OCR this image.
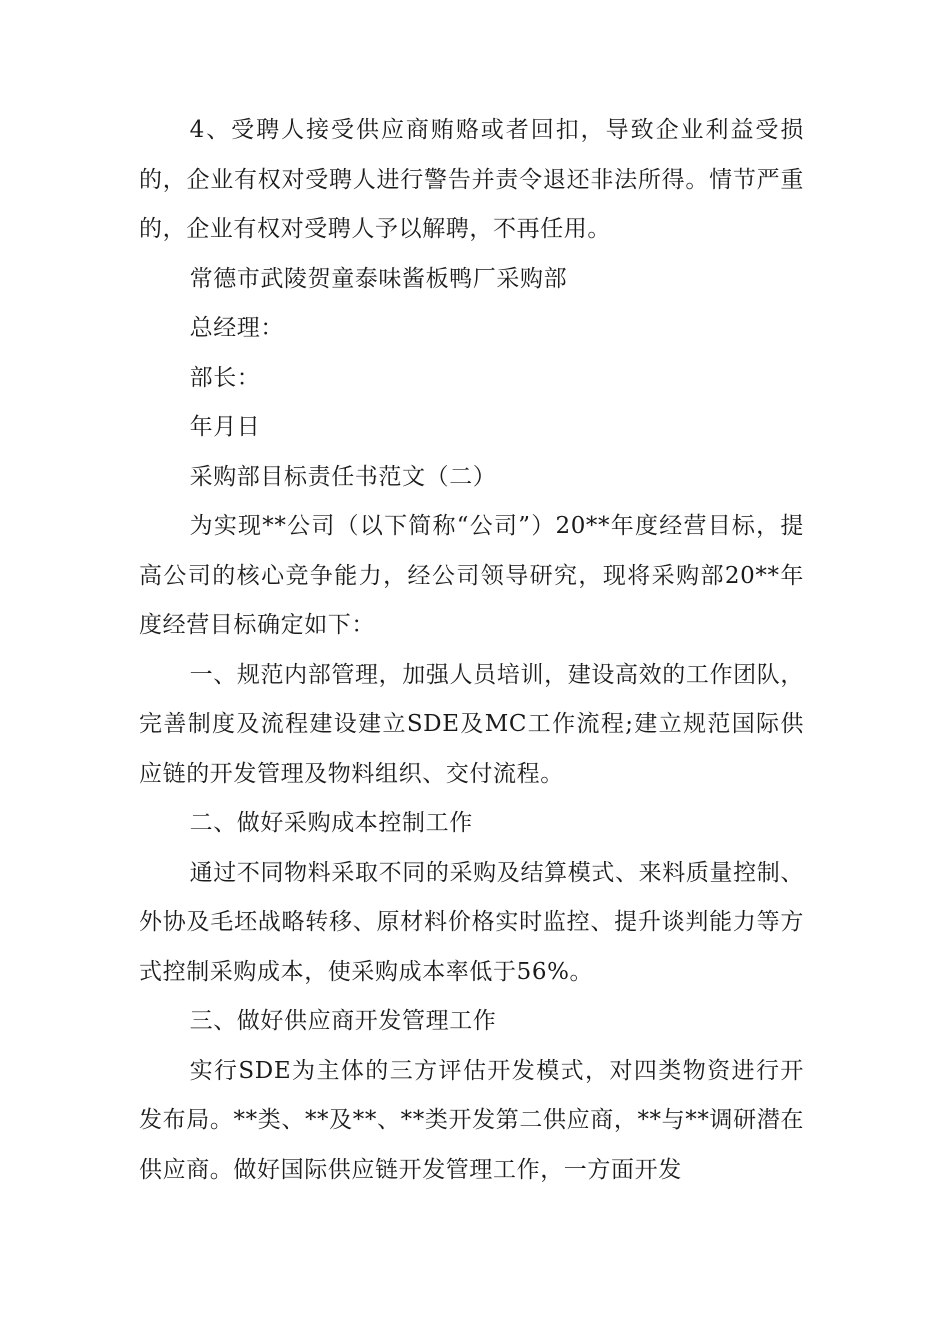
4、受聘人接受供应商贿赂或者回扣，导致企业利益受损的，企业有权对受聘人进行警告并责令退还非法所得。情节严重的，企业有权对受聘人予以解聘，不再任用。

常德市武陵贺童泰味酱板鸭厂采购部

总经理：

部长：

年月日

采购部目标责任书范文（二）

为实现**公司（以下简称“公司”）20**年度经营目标，提高公司的核心竞争能力，经公司领导研究，现将采购部20**年度经营目标确定如下：

一、规范内部管理，加强人员培训，建设高效的工作团队，完善制度及流程建设建立SDE及MC工作流程;建立规范国际供应链的开发管理及物料组织、交付流程。

二、做好采购成本控制工作

通过不同物料采取不同的采购及结算模式、来料质量控制、外协及毛坯战略转移、原材料价格实时监控、提升谈判能力等方式控制采购成本，使采购成本率低于56%。

三、做好供应商开发管理工作

实行SDE为主体的三方评估开发模式，对四类物资进行开发布局。**类、**及**、**类开发第二供应商，**与**调研潜在供应商。做好国际供应链开发管理工作，一方面开发
